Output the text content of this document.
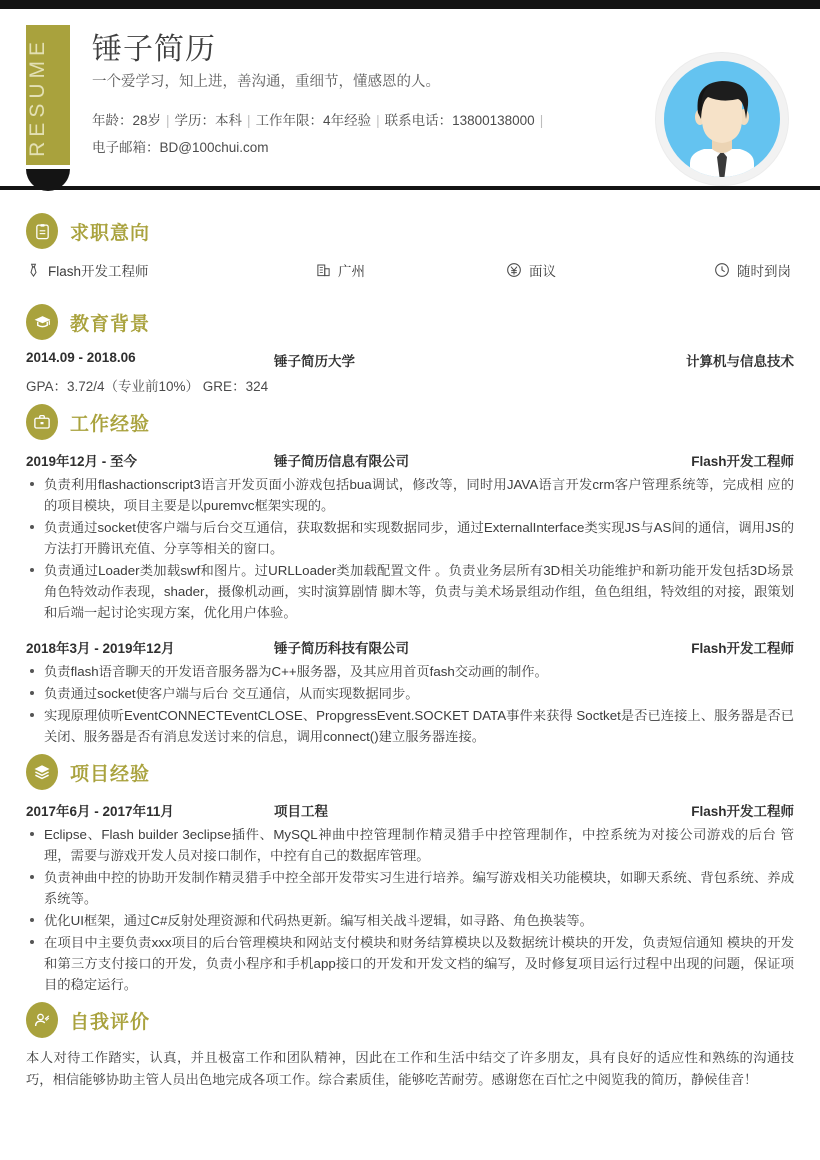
RESUME	锤子简历
一个爱学习，知上进，善沟通，重细节，懂感恩的人。
年龄：28岁 | 学历：本科 | 工作年限：4年经验 | 联系电话：13800138000 |
电子邮箱：BD@100chui.com
求职意向
Flash开发工程师	广州	面议	随时到岗
教育背景
2014.09 - 2018.06	锤子简历大学	计算机与信息技术
GPA：3.72/4（专业前10%） GRE：324
工作经验
2019年12月 - 至今	锤子简历信息有限公司	Flash开发工程师
负责利用flashactionscript3语言开发页面小游戏包括bua调试，修改等，同时用JAVA语言开发crm客户管理系统等，完成相 应的的项目模块，项目主要是以puremvc框架实现的。
负责通过socket使客户端与后台交互通信，获取数据和实现数据同步，通过ExternalInterface类实现JS与AS间的通信，调用JS的方法打开腾讯充值、分享等相关的窗口。
负责通过Loader类加载swf和图片。过URLLoader类加载配置文件 。负责业务层所有3D相关功能维护和新功能开发包括3D场景角色特效动作表现，shader，摄像机动画，实时演算剧情 脚木等，负责与美术场景组动作组，鱼色组组，特效组的对接，跟策划和后端一起讨论实现方案，优化用户体验。
2018年3月 - 2019年12月	锤子简历科技有限公司	Flash开发工程师
负责flash语音聊天的开发语音服务器为C++服务器，及其应用首页fash交动画的制作。
负责通过socket使客户端与后台 交互通信，从而实现数据同步。
实现原理侦听EventCONNECTEventCLOSE、PropgressEvent.SOCKET DATA事件来获得 Soctket是否已连接上、服务器是否已关闭、服务器是否有消息发送讨来的信息，调用connect()建立服务器连接。
项目经验
2017年6月 - 2017年11月	项目工程	Flash开发工程师
Eclipse、Flash builder 3eclipse插件、MySQL神曲中控管理制作精灵猎手中控管理制作，中控系统为对接公司游戏的后台 管理，需要与游戏开发人员对接口制作，中控有自己的数据库管理。
负责神曲中控的协助开发制作精灵猎手中控全部开发带实习生进行培养。编写游戏相关功能模块，如聊天系统、背包系统、养成系统等。
优化UI框架，通过C#反射处理资源和代码热更新。编写相关战斗逻辑，如寻路、角色换装等。
在项目中主要负责xxx项目的后台管理模块和网站支付模块和财务结算模块以及数据统计模块的开发，负责短信通知 模块的开发和第三方支付接口的开发，负责小程序和手机app接口的开发和开发文档的编写，及时修复项目运行过程中出现的问题，保证项目的稳定运行。
自我评价
本人对待工作踏实，认真，并且极富工作和团队精神，因此在工作和生活中结交了许多朋友，具有良好的适应性和熟练的沟通技巧，相信能够协助主管人员出色地完成各项工作。综合素质佳，能够吃苦耐劳。感谢您在百忙之中阅览我的简历，静候佳音！
